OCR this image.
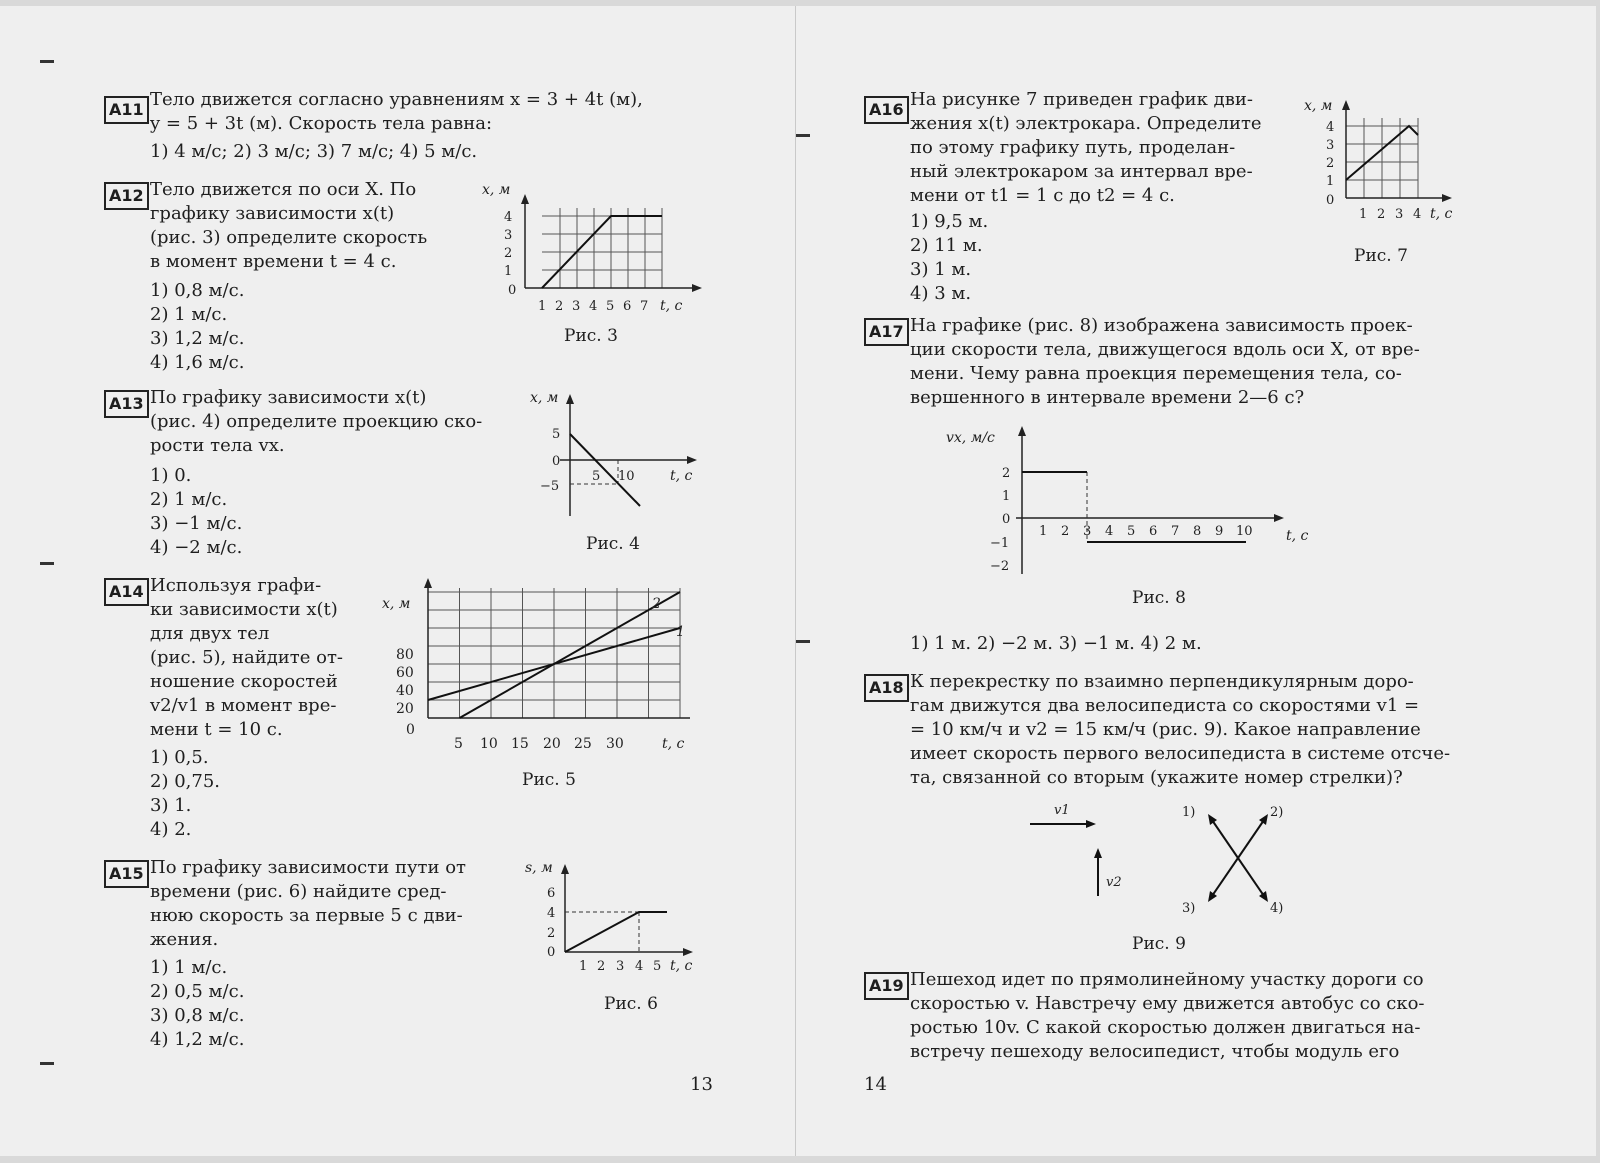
A11 Тело движется согласно уравнениям x = 3 + 4t (м),

y = 5 + 3t (м). Скорость тела равна:

1) 4 м/с; 2) 3 м/с; 3) 7 м/с; 4) 5 м/с.
A12 Тело движется по оси X. По

графику зависимости x(t)

(рис. 3) определите скорость

в момент времени t = 4 с.

1) 0,8 м/с.

2) 1 м/с.

3) 1,2 м/с.

4) 1,6 м/с.

x, м
4
3
2
1
0
1 2 3 4 5 6 7 t, с
Рис. 3
A13 По графику зависимости x(t)

(рис. 4) определите проекцию ско-

рости тела vx.

1) 0.

2) 1 м/с.

3) −1 м/с.

4) −2 м/с.

x, м
5
0
−5
5 10	t, с
Рис. 4
A14 Используя графи-

ки зависимости x(t)

для двух тел

(рис. 5), найдите от-

ношение скоростей

v2/v1 в момент вре-

мени t = 10 с.

1) 0,5.

2) 0,75.

3) 1.

4) 2.

x, м	2
1
80
60
40
20
0
5 10 15 20 25 30	t, с
Рис. 5
A15 По графику зависимости пути от

времени (рис. 6) найдите сред-

нюю скорость за первые 5 с дви-

жения.

1) 1 м/с.

2) 0,5 м/с.

3) 0,8 м/с.

4) 1,2 м/с.

s, м
6
4
2
0
1 2 3 4 5 t, с
Рис. 6
13
A16 На рисунке 7 приведен график дви-

жения x(t) электрокара. Определите

по этому графику путь, проделан-

ный электрокаром за интервал вре-

мени от t1 = 1 с до t2 = 4 с.

1) 9,5 м.

2) 11 м.

3) 1 м.

4) 3 м.

x, м
4
3
2
1
0
1 2 3 4 t, с
Рис. 7
A17 На графике (рис. 8) изображена зависимость проек-

ции скорости тела, движущегося вдоль оси X, от вре-

мени. Чему равна проекция перемещения тела, со-

вершенного в интервале времени 2—6 с?

vx, м/с
2
1
0
−1
−2
1 2 3 4 5 6 7 8 9 10 t, с
Рис. 8
1) 1 м. 2) −2 м. 3) −1 м. 4) 2 м.
A18 К перекрестку по взаимно перпендикулярным доро-

гам движутся два велосипедиста со скоростями v1 =

= 10 км/ч и v2 = 15 км/ч (рис. 9). Какое направление

имеет скорость первого велосипедиста в системе отсче-

та, связанной со вторым (укажите номер стрелки)?

v1
v2
1)	2)
3)	4)
Рис. 9
A19 Пешеход идет по прямолинейному участку дороги со

скоростью v. Навстречу ему движется автобус со ско-

ростью 10v. С какой скоростью должен двигаться на-

встречу пешеходу велосипедист, чтобы модуль его

14
